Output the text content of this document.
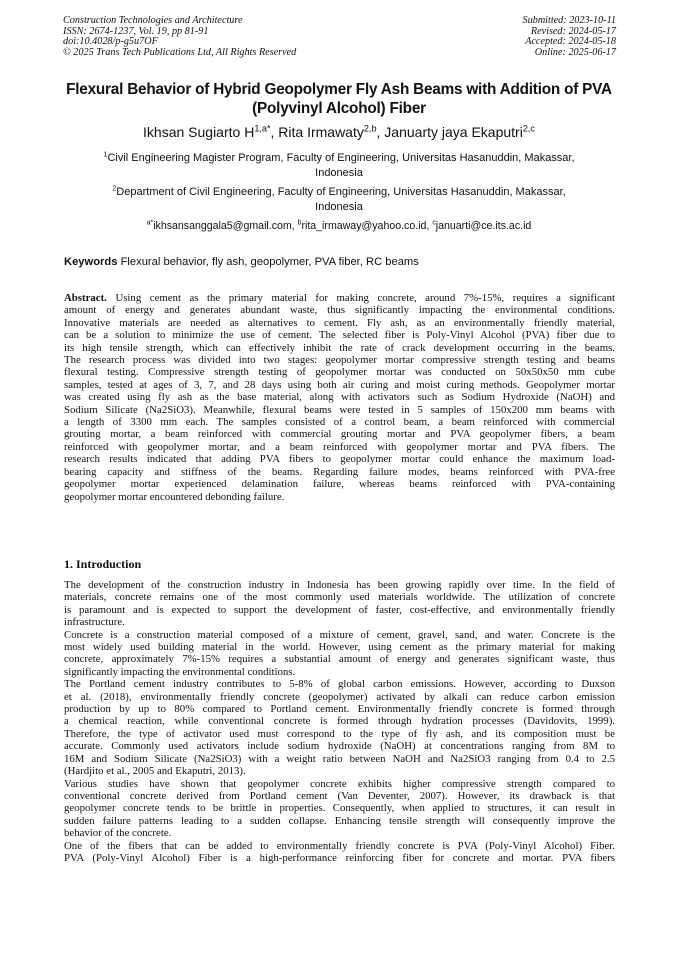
Construction Technologies and Architecture
ISSN: 2674-1237, Vol. 19, pp 81-91
doi:10.4028/p-g5u7OF
© 2025 Trans Tech Publications Ltd, All Rights Reserved
Submitted: 2023-10-11
Revised: 2024-05-17
Accepted: 2024-05-18
Online: 2025-06-17
Flexural Behavior of Hybrid Geopolymer Fly Ash Beams with Addition of PVA (Polyvinyl Alcohol) Fiber
Ikhsan Sugiarto $H^{1,a*}$, Rita Irmawaty$^{2,b}$, Januarty jaya Ekaputri$^{2,c}$
$^1$Civil Engineering Magister Program, Faculty of Engineering, Universitas Hasanuddin, Makassar,
Indonesia
$^2$Department of Civil Engineering, Faculty of Engineering, Universitas Hasanuddin, Makassar,
Indonesia
$^{a*}$ikhsansanggala5@gmail.com, $^b$rita_irmaway@yahoo.co.id, $^c$januarti@ce.its.ac.id
Keywords Flexural behavior, fly ash, geopolymer, PVA fiber, RC beams
Abstract. Using cement as the primary material for making concrete, around 7%-15%, requires a significant
amount of energy and generates abundant waste, thus significantly impacting the environmental conditions.
Innovative materials are needed as alternatives to cement. Fly ash, as an environmentally friendly material,
can be a solution to minimize the use of cement. The selected fiber is Poly-Vinyl Alcohol (PVA) fiber due to
its high tensile strength, which can effectively inhibit the rate of crack development occurring in the beams.
The research process was divided into two stages: geopolymer mortar compressive strength testing and beams
flexural testing. Compressive strength testing of geopolymer mortar was conducted on 50x50x50 mm cube
samples, tested at ages of 3, 7, and 28 days using both air curing and moist curing methods. Geopolymer mortar
was created using fly ash as the base material, along with activators such as Sodium Hydroxide (NaOH) and
Sodium Silicate (Na2SiO3). Meanwhile, flexural beams were tested in 5 samples of 150x200 mm beams with
a length of 3300 mm each. The samples consisted of a control beam, a beam reinforced with commercial
grouting mortar, a beam reinforced with commercial grouting mortar and PVA geopolymer fibers, a beam
reinforced with geopolymer mortar, and a beam reinforced with geopolymer mortar and PVA fibers. The
research results indicated that adding PVA fibers to geopolymer mortar could enhance the maximum load-
bearing capacity and stiffness of the beams. Regarding failure modes, beams reinforced with PVA-free
geopolymer mortar experienced delamination failure, whereas beams reinforced with PVA-containing
geopolymer mortar encountered debonding failure.
1. Introduction
The development of the construction industry in Indonesia has been growing rapidly over time. In the field of
materials, concrete remains one of the most commonly used materials worldwide. The utilization of concrete
is paramount and is expected to support the development of faster, cost-effective, and environmentally friendly
infrastructure.
Concrete is a construction material composed of a mixture of cement, gravel, sand, and water. Concrete is the
most widely used building material in the world. However, using cement as the primary material for making
concrete, approximately 7%-15% requires a substantial amount of energy and generates significant waste, thus
significantly impacting the environmental conditions.
The Portland cement industry contributes to 5-8% of global carbon emissions. However, according to Duxson
et al. (2018), environmentally friendly concrete (geopolymer) activated by alkali can reduce carbon emission
production by up to 80% compared to Portland cement. Environmentally friendly concrete is formed through
a chemical reaction, while conventional concrete is formed through hydration processes (Davidovits, 1999).
Therefore, the type of activator used must correspond to the type of fly ash, and its composition must be
accurate. Commonly used activators include sodium hydroxide (NaOH) at concentrations ranging from 8M to
16M and Sodium Silicate (Na2SiO3) with a weight ratio between NaOH and Na2SiO3 ranging from 0.4 to 2.5
(Hardjito et al., 2005 and Ekaputri, 2013).
Various studies have shown that geopolymer concrete exhibits higher compressive strength compared to
conventional concrete derived from Portland cement (Van Deventer, 2007). However, its drawback is that
geopolymer concrete tends to be brittle in properties. Consequently, when applied to structures, it can result in
sudden failure patterns leading to a sudden collapse. Enhancing tensile strength will consequently improve the
behavior of the concrete.
One of the fibers that can be added to environmentally friendly concrete is PVA (Poly-Vinyl Alcohol) Fiber.
PVA (Poly-Vinyl Alcohol) Fiber is a high-performance reinforcing fiber for concrete and mortar. PVA fibers
